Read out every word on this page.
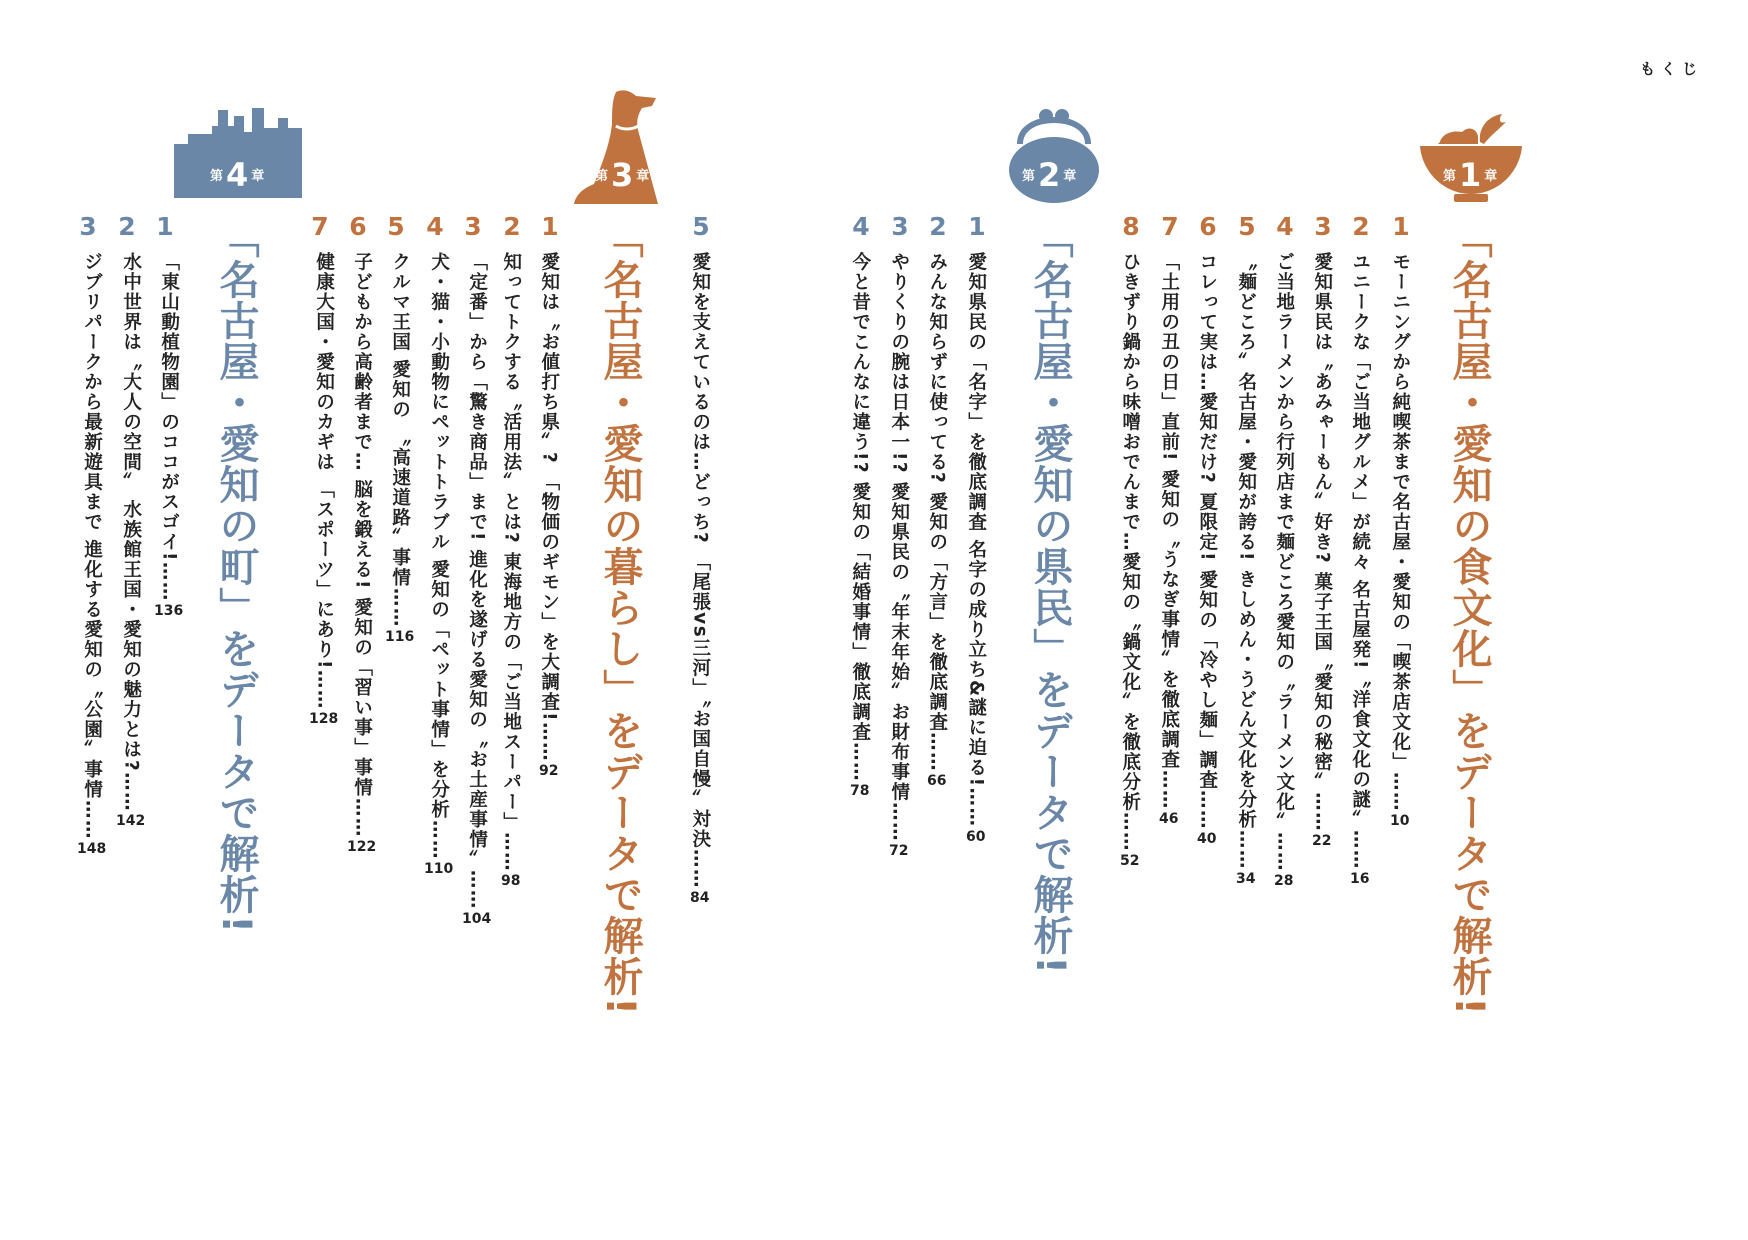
もくじ
第1 章
「名古屋・愛知の食文化」をデータで解析!
1
モーニングから純喫茶まで名古屋・愛知の「喫茶店文化」……10
2
ユニークな「ご当地グルメ」が続々 名古屋発!〝洋食文化の謎〟……16
3
愛知県民は〝あみゃーもん〟好き? 菓子王国〝愛知の秘密〟……22
4
ご当地ラーメンから行列店まで麺どころ愛知の〝ラーメン文化〟……28
5
〝麺どころ〟名古屋・愛知が誇る! きしめん・うどん文化を分析……34
6
コレって実は…愛知だけ? 夏限定! 愛知の「冷やし麺」調査……40
7
「土用の丑の日」直前! 愛知の〝うなぎ事情〟を徹底調査……46
8
ひきずり鍋から味噌おでんまで…愛知の〝鍋文化〟を徹底分析……52
第2 章
「名古屋・愛知の県民」をデータで解析!
1
愛知県民の「名字」を徹底調査 名字の成り立ち&謎に迫る!……60
2
みんな知らずに使ってる? 愛知の「方言」を徹底調査……66
3
やりくりの腕は日本一!? 愛知県民の〝年末年始〟お財布事情……72
4
今と昔でこんなに違う!? 愛知の「結婚事情」徹底調査……78
5
愛知を支えているのは…どっち? 「尾張vs三河」〝お国自慢〟対決……84
第3 章
「名古屋・愛知の暮らし」をデータで解析!
1
愛知は〝お値打ち県〟? 「物価のギモン」を大調査!……92
2
知ってトクする〝活用法〟とは? 東海地方の「ご当地スーパー」……98
3
「定番」から「驚き商品」まで! 進化を遂げる愛知の〝お土産事情〟……104
4
犬・猫・小動物にペットトラブル 愛知の「ペット事情」を分析……110
5
クルマ王国 愛知の 〝高速道路〟事情……116
6
子どもから高齢者まで… 脳を鍛える! 愛知の「習い事」事情……122
7
健康大国・愛知のカギは 「スポーツ」にあり!……128
第4 章
「名古屋・愛知の町」をデータで解析!
1
「東山動植物園」のココがスゴイ!……136
2
水中世界は〝大人の空間〟 水族館王国・愛知の魅力とは?……142
3
ジブリパークから最新遊具まで 進化する愛知の〝公園〟事情……148
